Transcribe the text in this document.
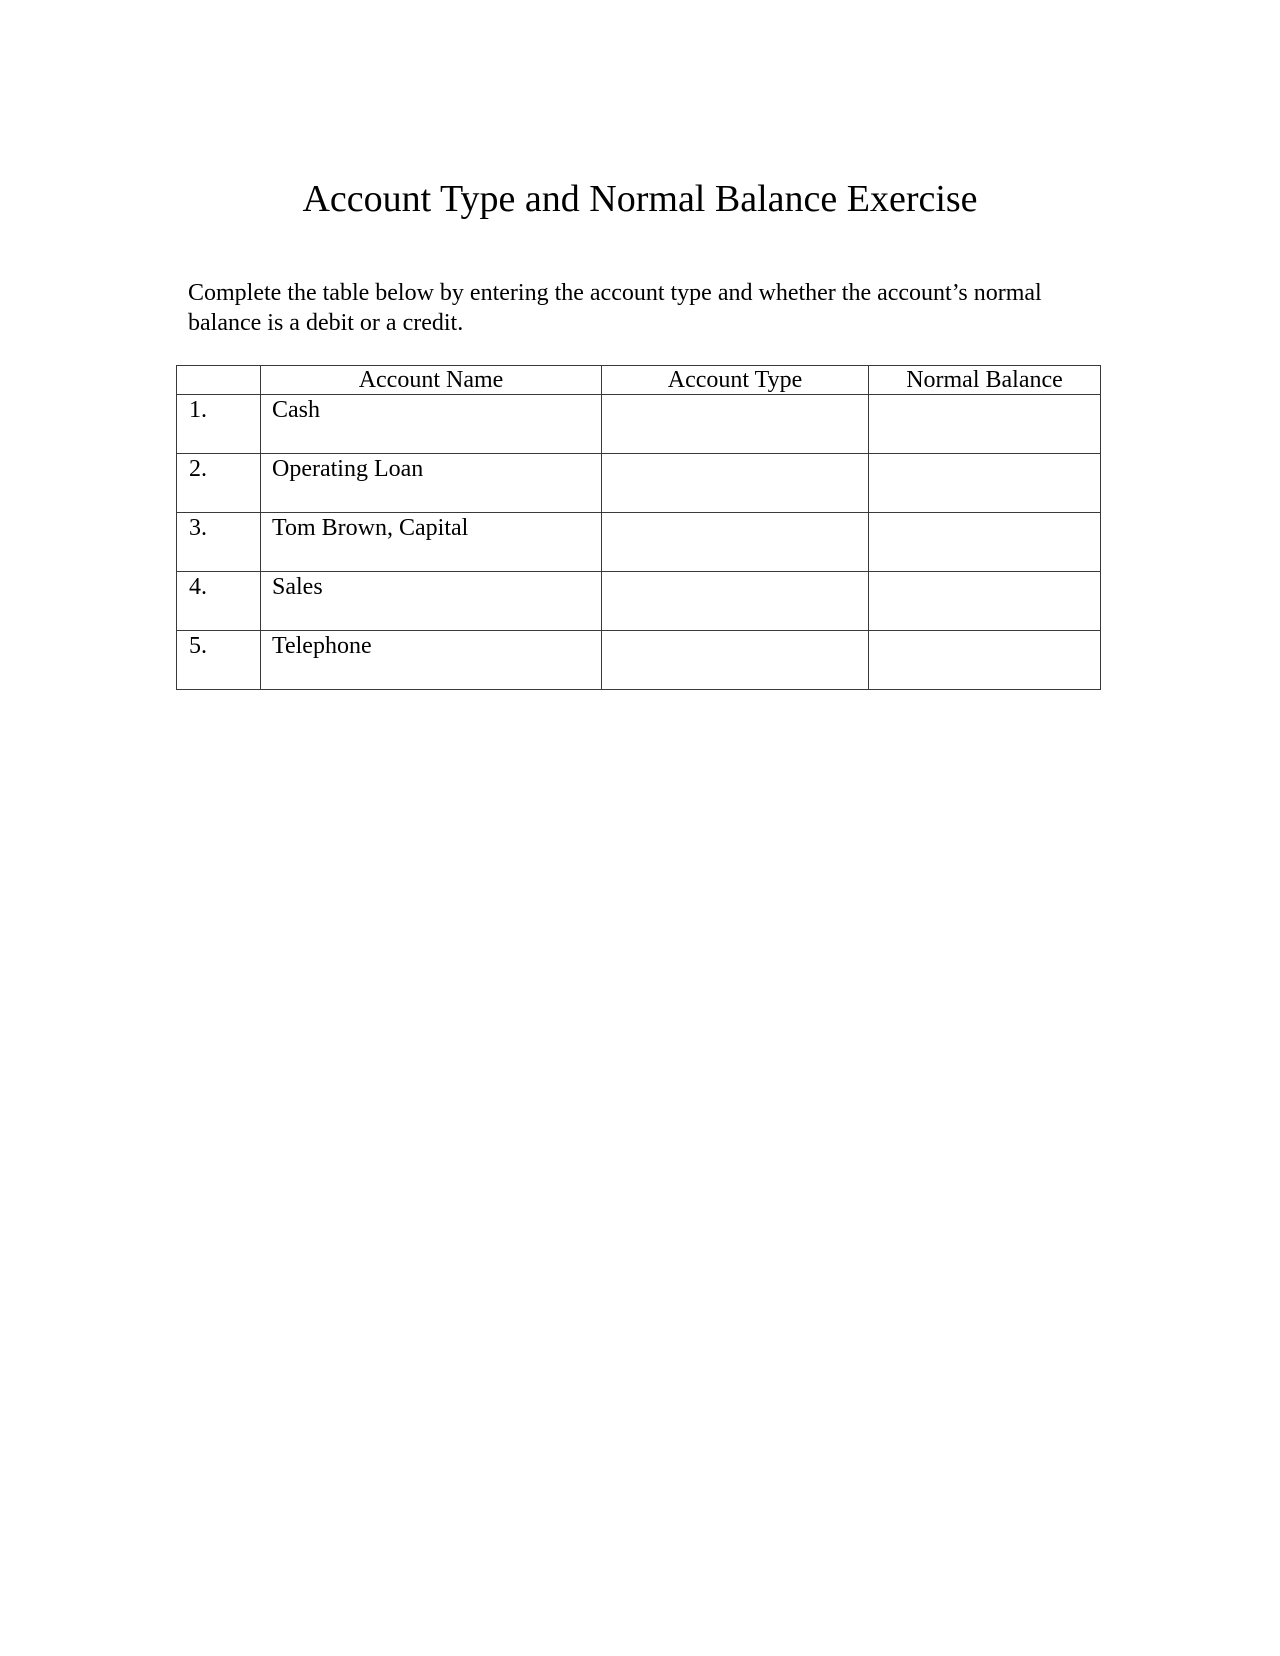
Account Type and Normal Balance Exercise

Complete the table below by entering the account type and whether the account’s normal balance is a debit or a credit.

	Account Name	Account Type	Normal Balance
1.	Cash		
2.	Operating Loan		
3.	Tom Brown, Capital		
4.	Sales		
5.	Telephone		
